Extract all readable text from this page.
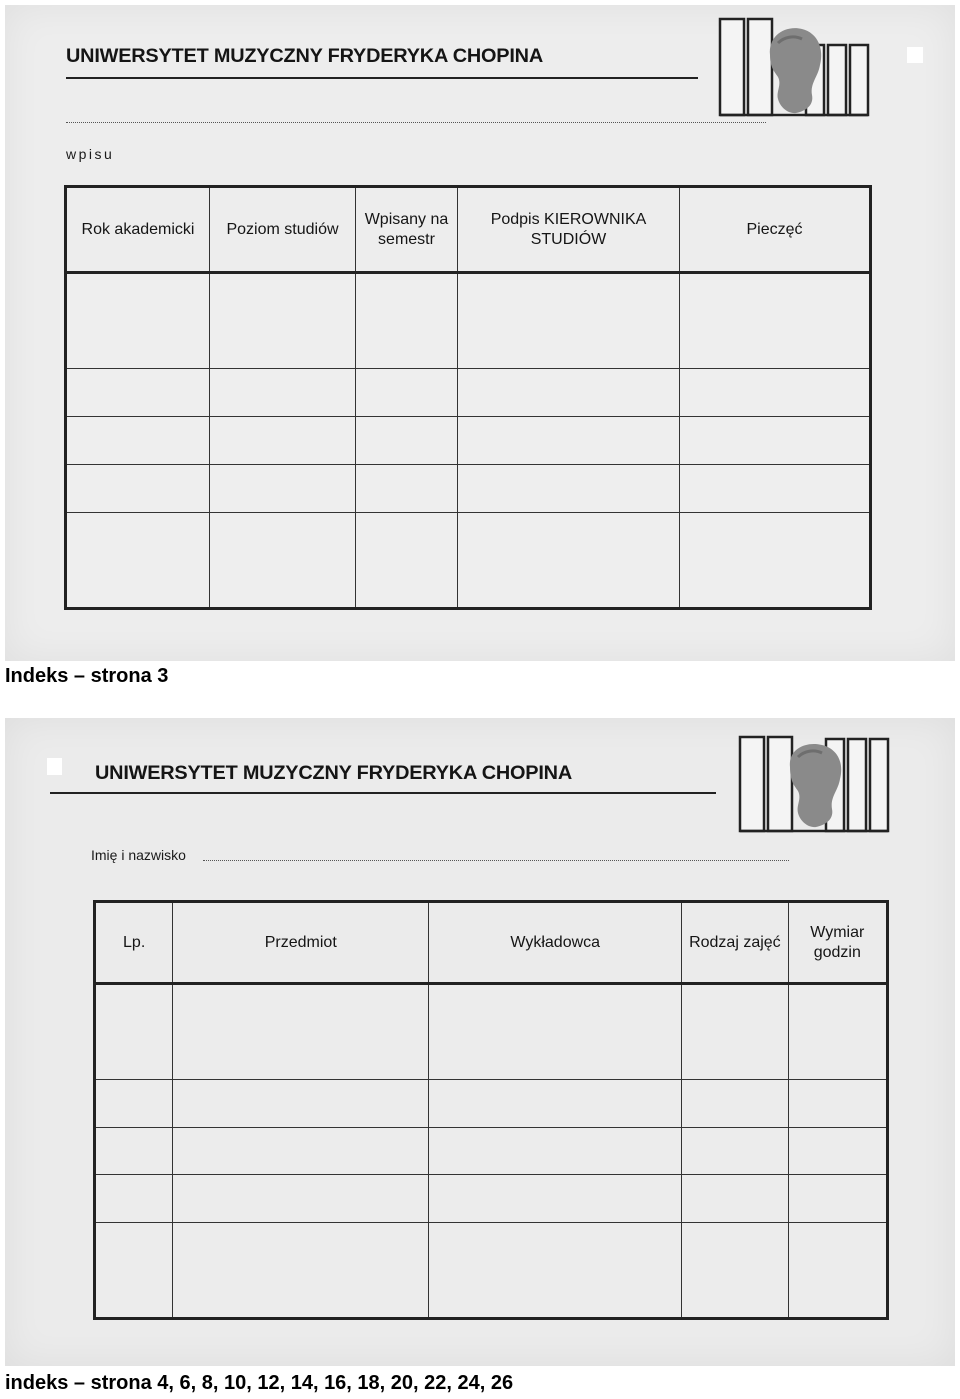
UNIWERSYTET MUZYCZNY FRYDERYKA CHOPINA
wpisu
Rok akademicki	Poziom studiów	Wpisany na semestr	Podpis KIEROWNIKA STUDIÓW	Pieczęć

Indeks – strona 3
UNIWERSYTET MUZYCZNY FRYDERYKA CHOPINA
Imię i nazwisko
Lp.	Przedmiot	Wykładowca	Rodzaj zajęć	Wymiar godzin

indeks – strona 4, 6, 8, 10, 12, 14, 16, 18, 20, 22, 24, 26
